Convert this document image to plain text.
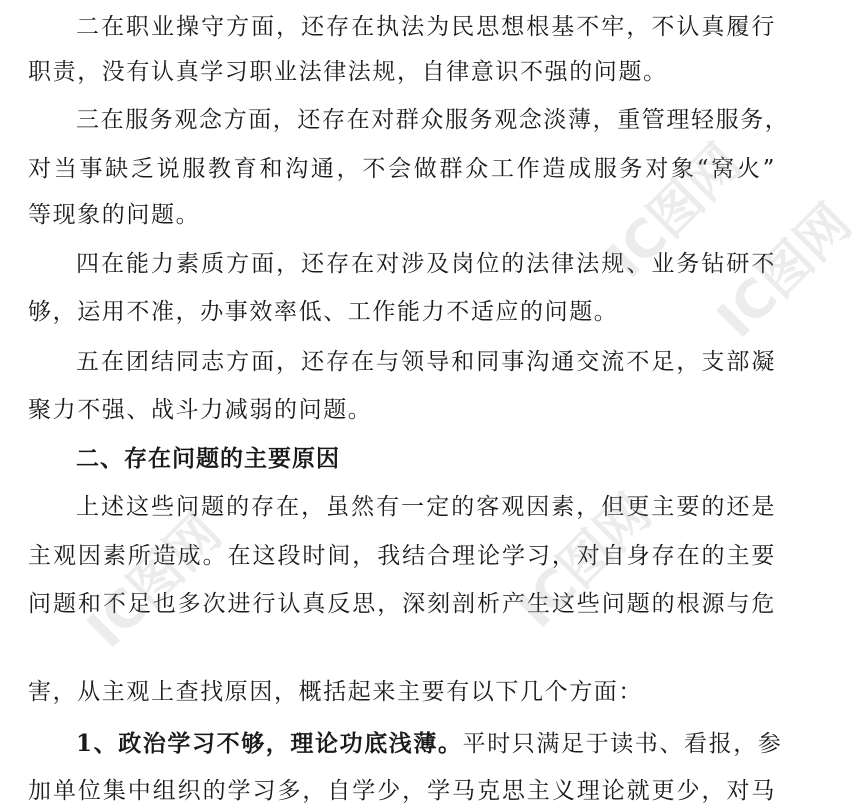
二在职业操守方面，还存在执法为民思想根基不牢，不认真履行
职责，没有认真学习职业法律法规，自律意识不强的问题。
三在服务观念方面，还存在对群众服务观念淡薄，重管理轻服务，
对当事缺乏说服教育和沟通，不会做群众工作造成服务对象“窝火”
等现象的问题。
四在能力素质方面，还存在对涉及岗位的法律法规、业务钻研不
够，运用不准，办事效率低、工作能力不适应的问题。
五在团结同志方面，还存在与领导和同事沟通交流不足，支部凝
聚力不强、战斗力减弱的问题。
二、存在问题的主要原因
上述这些问题的存在，虽然有一定的客观因素，但更主要的还是
主观因素所造成。在这段时间，我结合理论学习，对自身存在的主要
问题和不足也多次进行认真反思，深刻剖析产生这些问题的根源与危
害，从主观上查找原因，概括起来主要有以下几个方面：
1、政治学习不够，理论功底浅薄。平时只满足于读书、看报，参
加单位集中组织的学习多，自学少，学马克思主义理论就更少，对马
IC图网
IC图网
IC图网	IC图网
